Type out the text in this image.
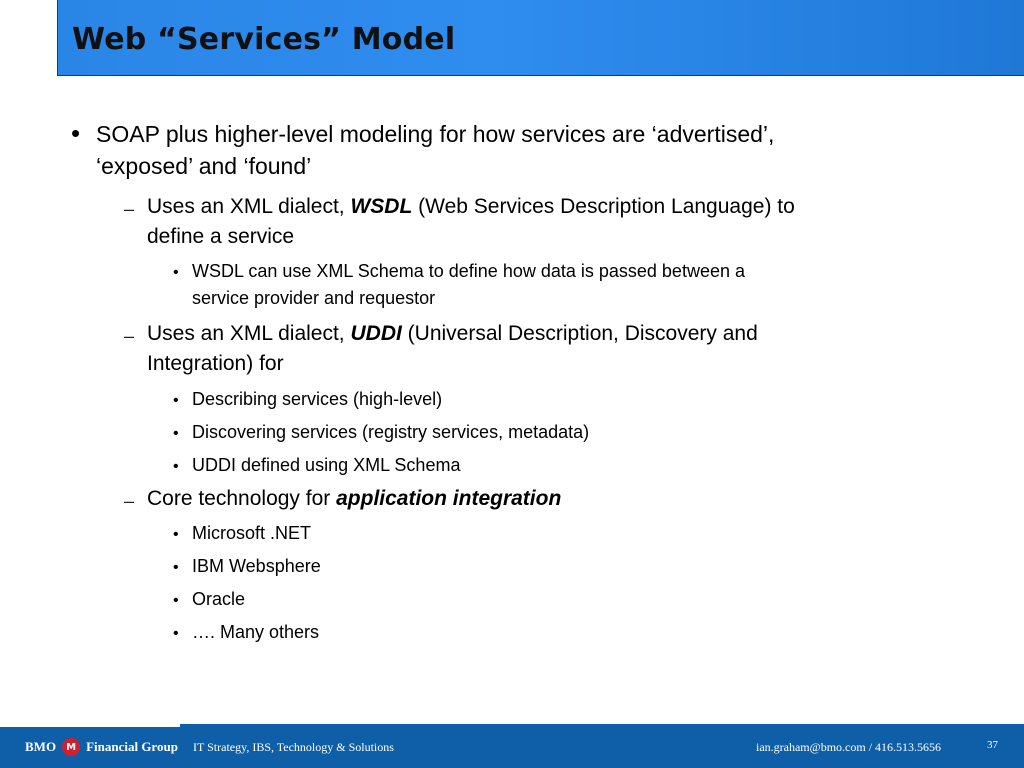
Web “Services” Model
• SOAP plus higher-level modeling for how services are ‘advertised’,
‘exposed’ and ‘found’
– Uses an XML dialect, WSDL (Web Services Description Language) to
define a service
• WSDL can use XML Schema to define how data is passed between a
service provider and requestor
– Uses an XML dialect, UDDI (Universal Description, Discovery and
Integration) for
• Describing services (high-level)
• Discovering services (registry services, metadata)
• UDDI defined using XML Schema
– Core technology for application integration
• Microsoft .NET
• IBM Websphere
• Oracle
• …. Many others
BMO	M Financial Group IT Strategy, IBS, Technology & Solutions	ian.graham@bmo.com / 416.513.5656	37
